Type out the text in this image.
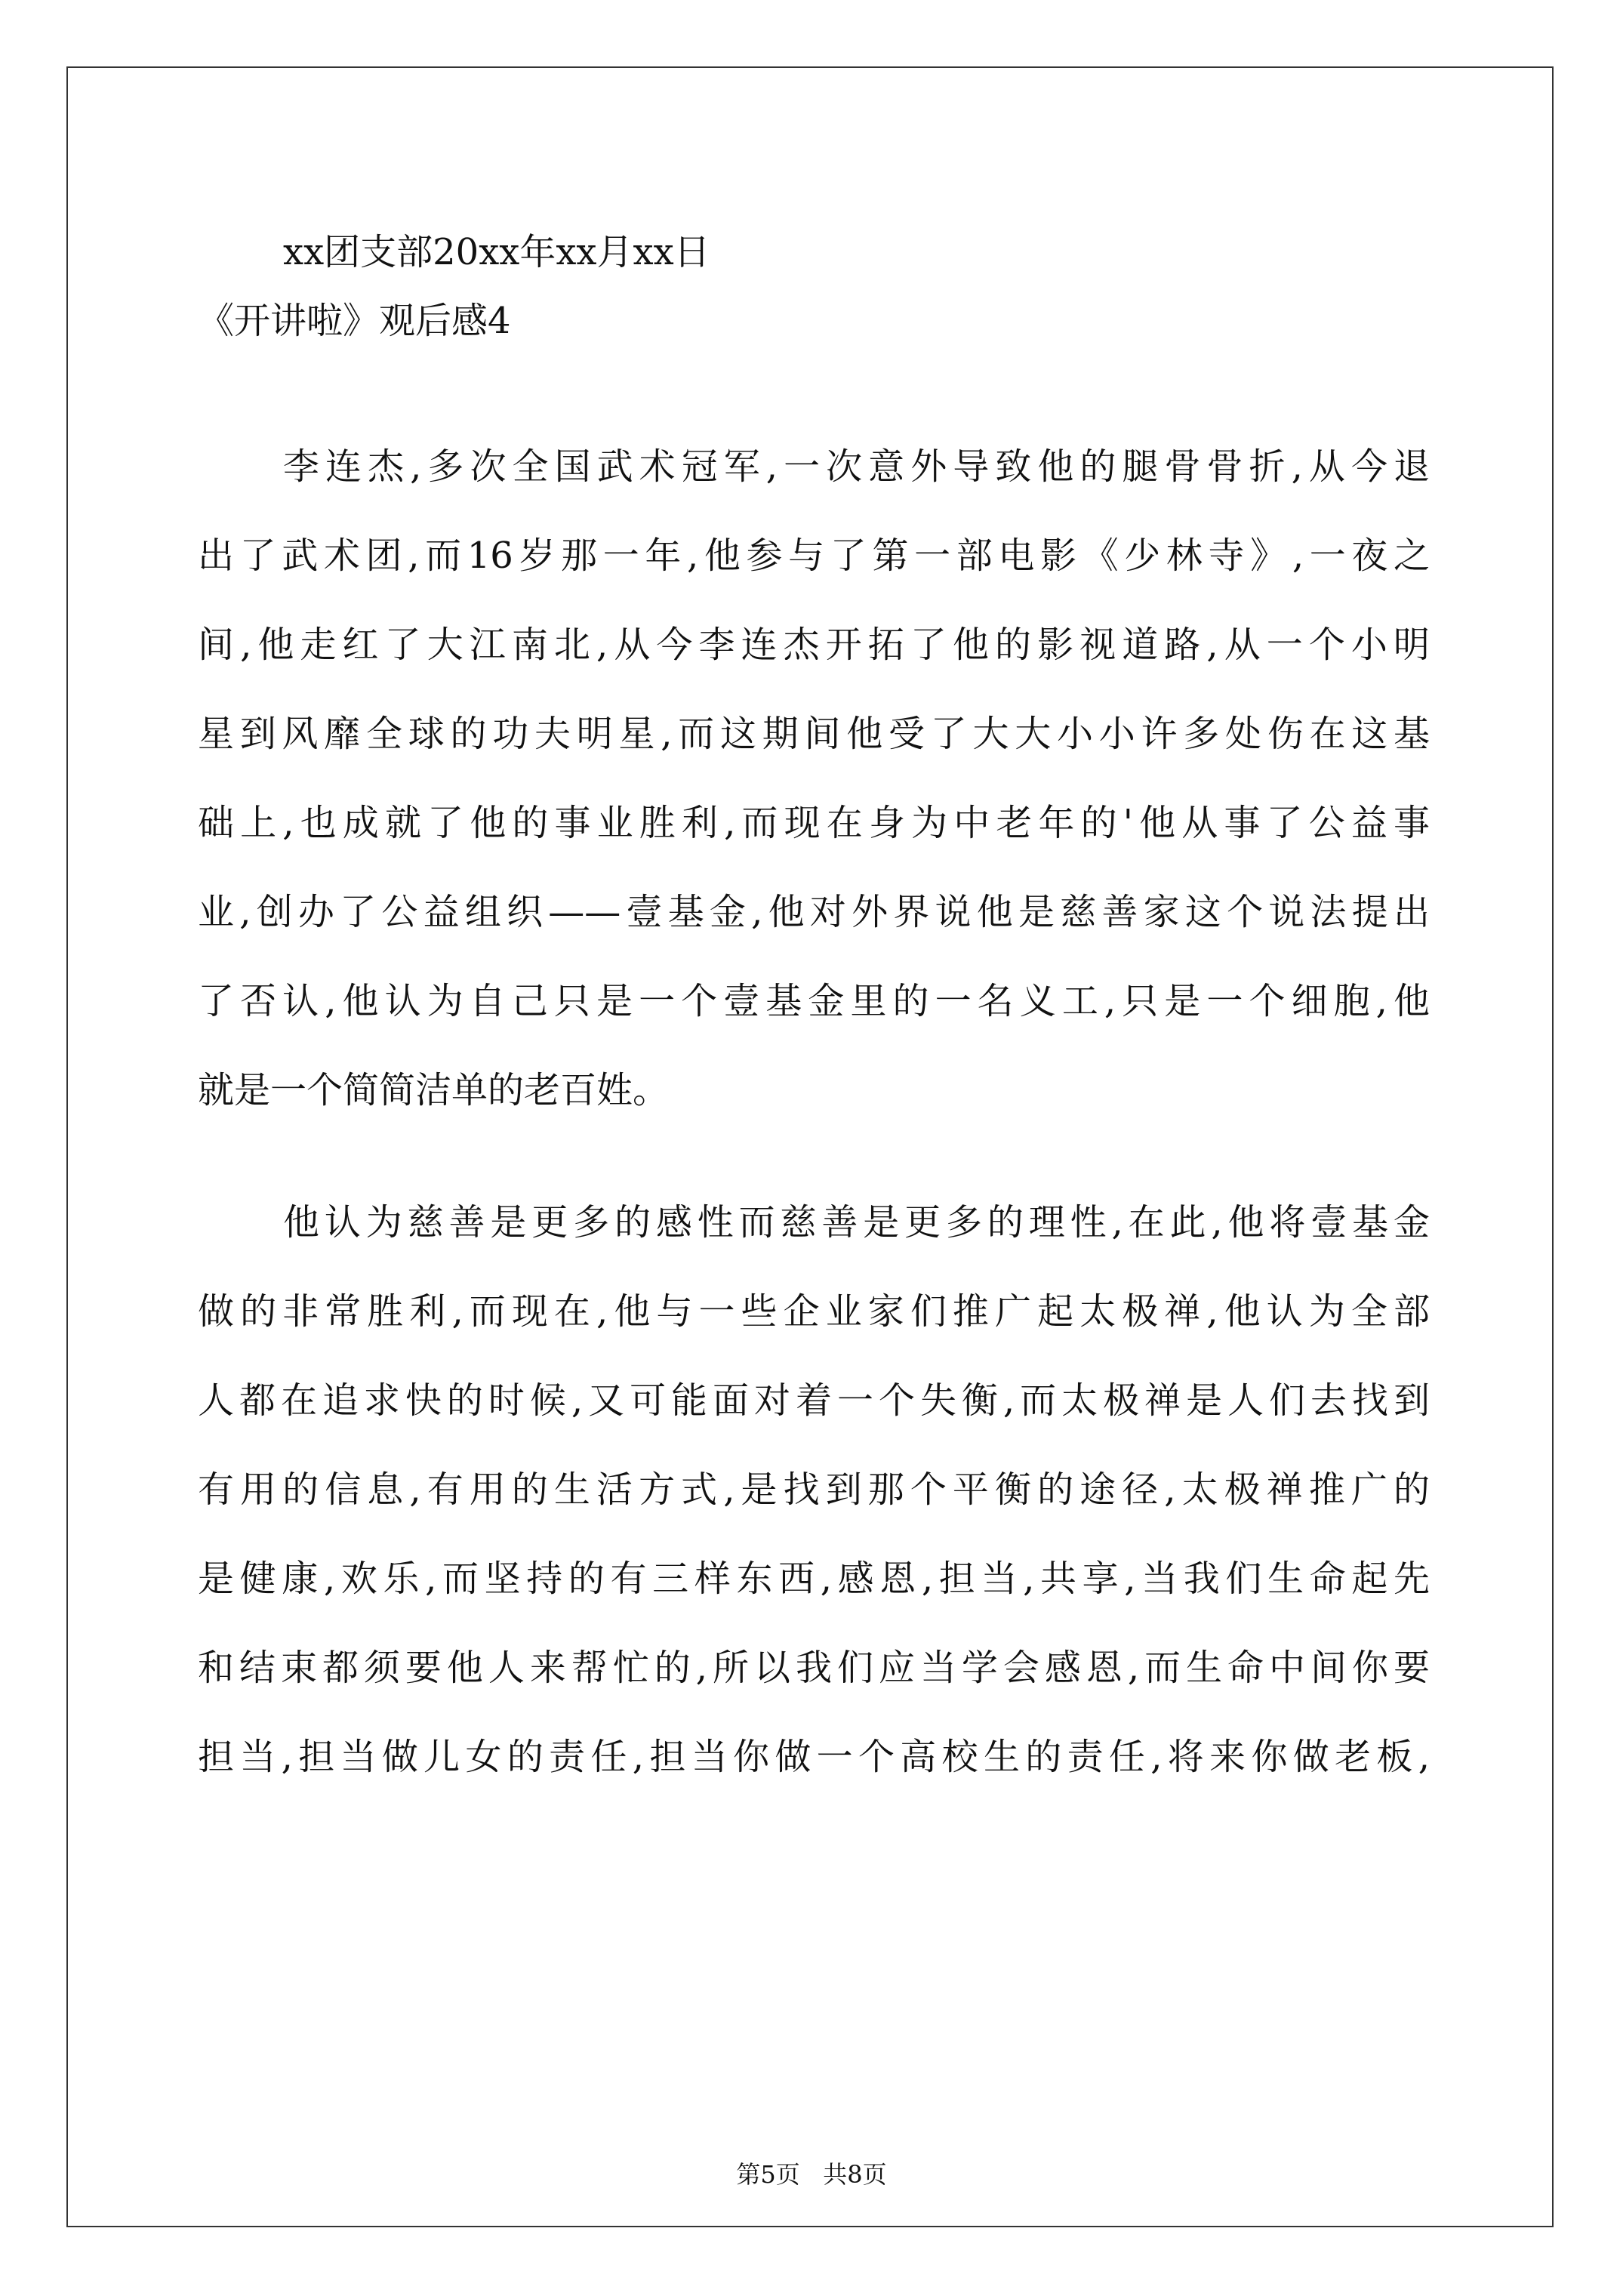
xx团支部20xx年xx月xx日
《开讲啦》观后感4
李连杰,多次全国武术冠军,一次意外导致他的腿骨骨折,从今退
出了武术团,而16岁那一年,他参与了第一部电影《少林寺》,一夜之
间,他走红了大江南北,从今李连杰开拓了他的影视道路,从一个小明
星到风靡全球的功夫明星,而这期间他受了大大小小许多处伤在这基
础上,也成就了他的事业胜利,而现在身为中老年的'他从事了公益事
业,创办了公益组织——壹基金,他对外界说他是慈善家这个说法提出
了否认,他认为自己只是一个壹基金里的一名义工,只是一个细胞,他
就是一个简简洁单的老百姓。
他认为慈善是更多的感性而慈善是更多的理性,在此,他将壹基金
做的非常胜利,而现在,他与一些企业家们推广起太极禅,他认为全部
人都在追求快的时候,又可能面对着一个失衡,而太极禅是人们去找到
有用的信息,有用的生活方式,是找到那个平衡的途径,太极禅推广的
是健康,欢乐,而坚持的有三样东西,感恩,担当,共享,当我们生命起先
和结束都须要他人来帮忙的,所以我们应当学会感恩,而生命中间你要
担当,担当做儿女的责任,担当你做一个高校生的责任,将来你做老板,
第5页   共8页
